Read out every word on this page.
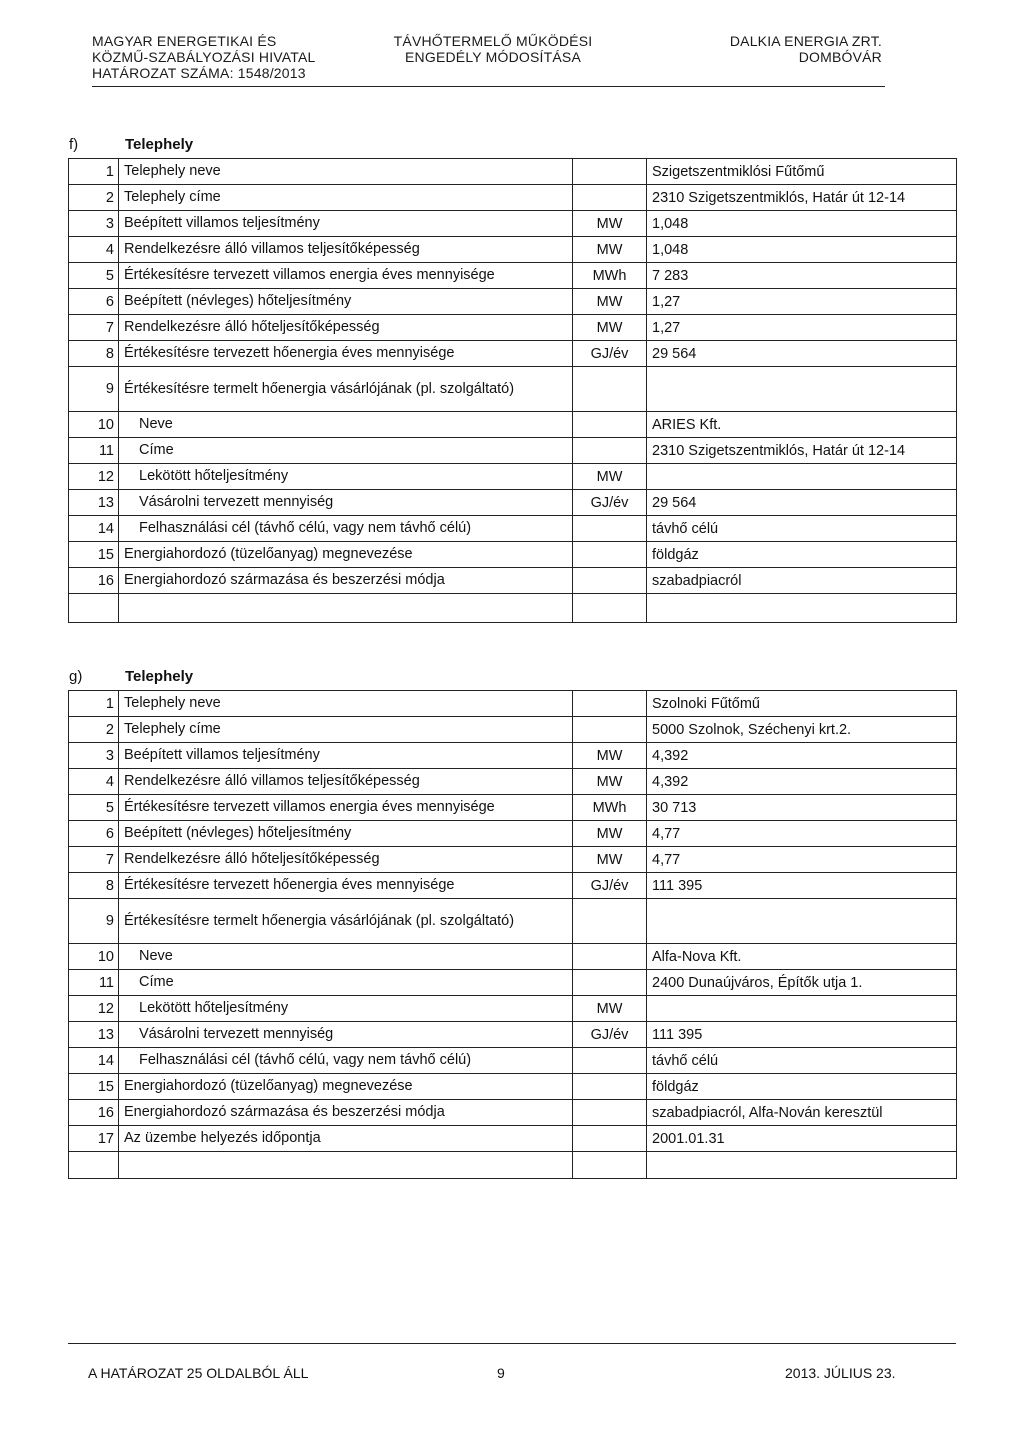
MAGYAR ENERGETIKAI ÉS
KÖZMŰ-SZABÁLYOZÁSI HIVATAL
HATÁROZAT SZÁMA: 1548/2013
TÁVHŐTERMELŐ MŰKÖDÉSI
ENGEDÉLY MÓDOSÍTÁSA
DALKIA ENERGIA ZRT.
DOMBÓVÁR
f)	Telephely
1	Telephely neve		Szigetszentmiklósi Fűtőmű
2	Telephely címe		2310 Szigetszentmiklós, Határ út 12-14
3	Beépített villamos teljesítmény	MW	1,048
4	Rendelkezésre álló villamos teljesítőképesség	MW	1,048
5	Értékesítésre tervezett villamos energia éves mennyisége	MWh	7 283
6	Beépített (névleges) hőteljesítmény	MW	1,27
7	Rendelkezésre álló hőteljesítőképesség	MW	1,27
8	Értékesítésre tervezett hőenergia éves mennyisége	GJ/év	29 564
9	Értékesítésre termelt hőenergia vásárlójának (pl. szolgáltató)		
10	Neve		ARIES Kft.
11	Címe		2310 Szigetszentmiklós, Határ út 12-14
12	Lekötött hőteljesítmény	MW	
13	Vásárolni tervezett mennyiség	GJ/év	29 564
14	Felhasználási cél (távhő célú, vagy nem távhő célú)		távhő célú
15	Energiahordozó (tüzelőanyag) megnevezése		földgáz
16	Energiahordozó származása és beszerzési módja		szabadpiacról

g)	Telephely
1	Telephely neve		Szolnoki Fűtőmű
2	Telephely címe		5000 Szolnok, Széchenyi krt.2.
3	Beépített villamos teljesítmény	MW	4,392
4	Rendelkezésre álló villamos teljesítőképesség	MW	4,392
5	Értékesítésre tervezett villamos energia éves mennyisége	MWh	30 713
6	Beépített (névleges) hőteljesítmény	MW	4,77
7	Rendelkezésre álló hőteljesítőképesség	MW	4,77
8	Értékesítésre tervezett hőenergia éves mennyisége	GJ/év	111 395
9	Értékesítésre termelt hőenergia vásárlójának (pl. szolgáltató)		
10	Neve		Alfa-Nova Kft.
11	Címe		2400 Dunaújváros, Építők utja 1.
12	Lekötött hőteljesítmény	MW	
13	Vásárolni tervezett mennyiség	GJ/év	111 395
14	Felhasználási cél (távhő célú, vagy nem távhő célú)		távhő célú
15	Energiahordozó (tüzelőanyag) megnevezése		földgáz
16	Energiahordozó származása és beszerzési módja		szabadpiacról, Alfa-Nován keresztül
17	Az üzembe helyezés időpontja		2001.01.31

A HATÁROZAT 25 OLDALBÓL ÁLL	9	2013. JÚLIUS 23.
